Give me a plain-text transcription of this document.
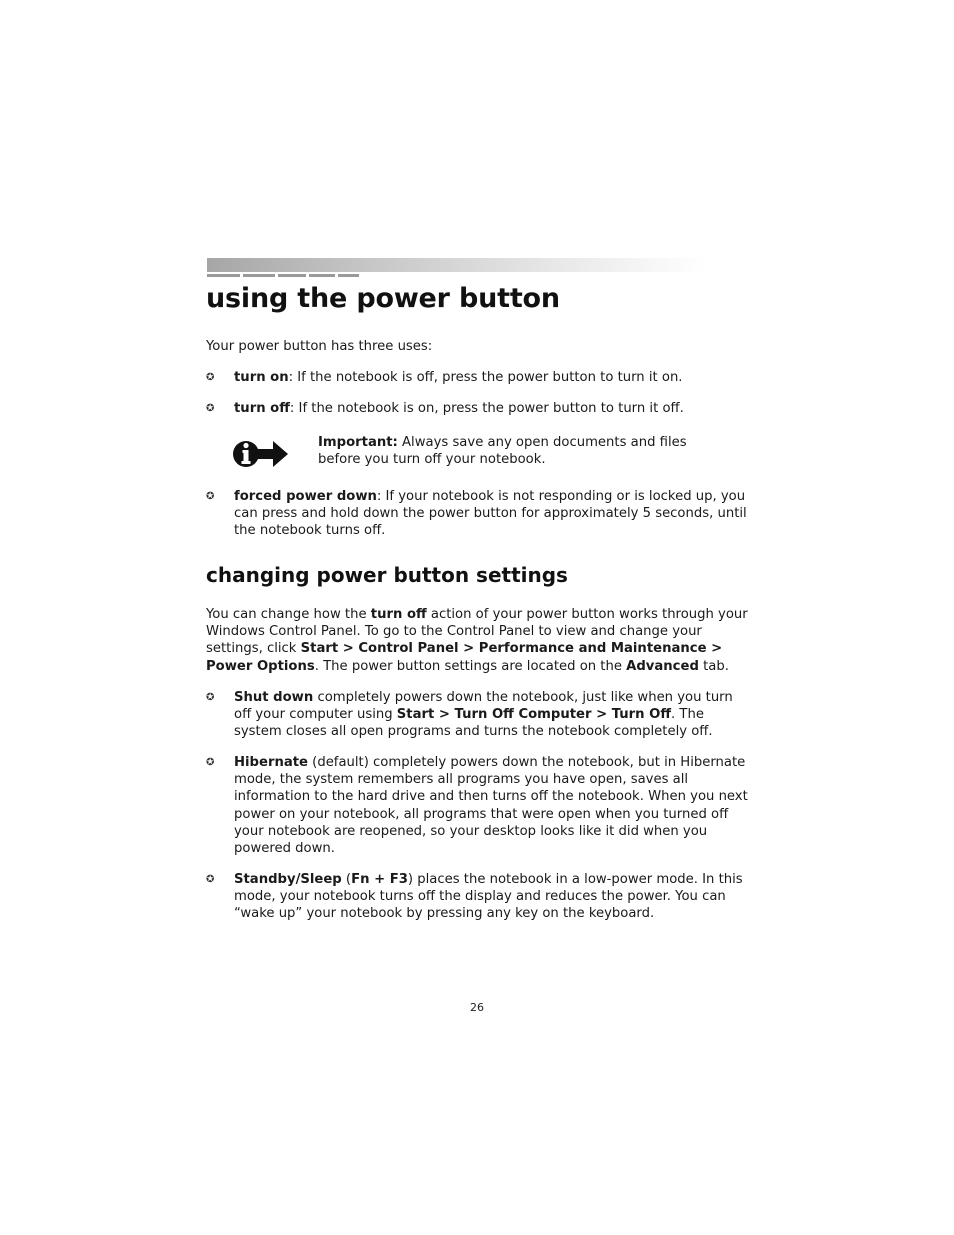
using the power button

Your power button has three uses:

✪ turn on: If the notebook is off, press the power button to turn it on.
✪ turn off: If the notebook is on, press the power button to turn it off.
Important: Always save any open documents and files before you turn off your notebook.
✪ forced power down: If your notebook is not responding or is locked up, you can press and hold down the power button for approximately 5 seconds, until the notebook turns off.
changing power button settings

You can change how the turn off action of your power button works through your Windows Control Panel. To go to the Control Panel to view and change your settings, click Start > Control Panel > Performance and Maintenance > Power Options. The power button settings are located on the Advanced tab.

✪ Shut down completely powers down the notebook, just like when you turn off your computer using Start > Turn Off Computer > Turn Off. The system closes all open programs and turns the notebook completely off.
✪ Hibernate (default) completely powers down the notebook, but in Hibernate mode, the system remembers all programs you have open, saves all information to the hard drive and then turns off the notebook. When you next power on your notebook, all programs that were open when you turned off your notebook are reopened, so your desktop looks like it did when you powered down.
✪ Standby/Sleep (Fn + F3) places the notebook in a low-power mode. In this mode, your notebook turns off the display and reduces the power. You can “wake up” your notebook by pressing any key on the keyboard.
26
